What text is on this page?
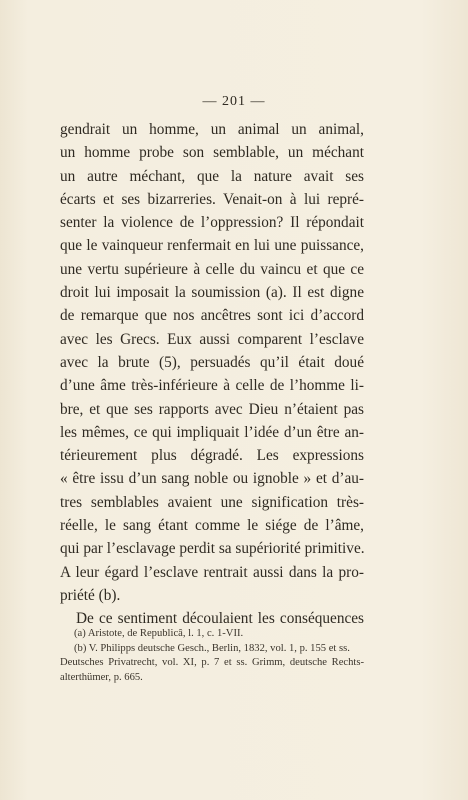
— 201 —
gendrait un homme, un animal un animal,
un homme probe son semblable, un méchant
un autre méchant, que la nature avait ses
écarts et ses bizarreries. Venait-on à lui repré-
senter la violence de l’oppression? Il répondait
que le vainqueur renfermait en lui une puissance,
une vertu supérieure à celle du vaincu et que ce
droit lui imposait la soumission (a). Il est digne
de remarque que nos ancêtres sont ici d’accord
avec les Grecs. Eux aussi comparent l’esclave
avec la brute (5), persuadés qu’il était doué
d’une âme très-inférieure à celle de l’homme li-
bre, et que ses rapports avec Dieu n’étaient pas
les mêmes, ce qui impliquait l’idée d’un être an-
térieurement plus dégradé. Les expressions
« être issu d’un sang noble ou ignoble » et d’au-
tres semblables avaient une signification très-
réelle, le sang étant comme le siége de l’âme,
qui par l’esclavage perdit sa supériorité primitive.
A leur égard l’esclave rentrait aussi dans la pro-
priété (b).
De ce sentiment découlaient les conséquences
(a) Aristote, de Republicâ, l. 1, c. 1-VII.
(b) V. Philipps deutsche Gesch., Berlin, 1832, vol. 1, p. 155 et ss.
Deutsches Privatrecht, vol. XI, p. 7 et ss. Grimm, deutsche Rechts-
alterthümer, p. 665.
